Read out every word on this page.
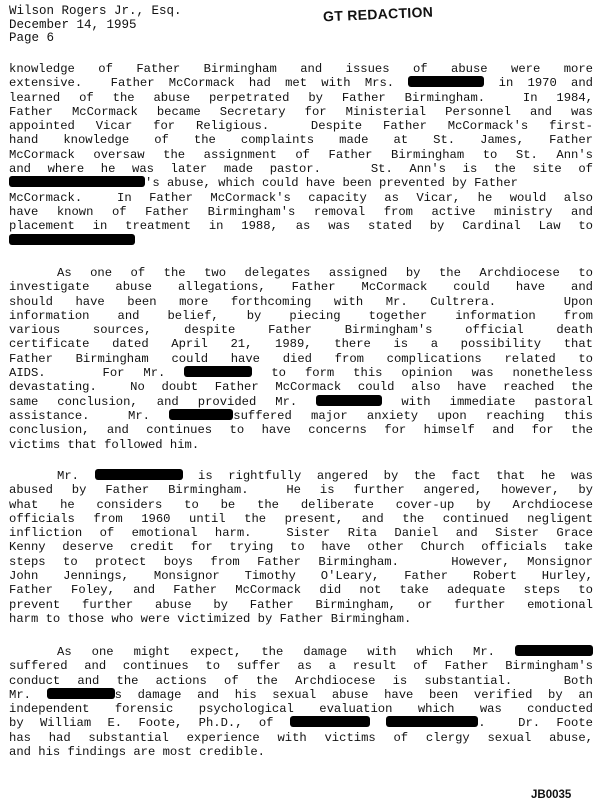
Wilson Rogers Jr., Esq.
December 14, 1995
Page 6
GT REDACTION
knowledge of Father Birmingham and issues of abuse were more
extensive.  Father McCormack had met with Mrs.	in 1970 and
learned of the abuse perpetrated by Father Birmingham.  In 1984,
Father McCormack became Secretary for Ministerial Personnel and was
appointed Vicar for Religious.  Despite Father McCormack's first-
hand knowledge of the complaints made at St. James, Father
McCormack oversaw the assignment of Father Birmingham to St. Ann's
and where he was later made pastor.   St. Ann's is the site of
's abuse, which could have been prevented by Father
McCormack.  In Father McCormack's capacity as Vicar, he would also
have known of Father Birmingham's removal from active ministry and
placement in treatment in 1988, as was stated by Cardinal Law to
As one of the two delegates assigned by the Archdiocese to
investigate abuse allegations, Father McCormack could have and
should have been more forthcoming with Mr. Cultrera.   Upon
information and belief, by piecing together information from
various sources, despite Father Birmingham's official death
certificate dated April 21, 1989, there is a possibility that
Father Birmingham could have died from complications related to
AIDS.   For Mr.	to form this opinion was nonetheless
devastating.  No doubt Father McCormack could also have reached the
same conclusion, and provided Mr.	with immediate pastoral
assistance.  Mr.	suffered major anxiety upon reaching this
conclusion, and continues to have concerns for himself and for the
victims that followed him.
Mr.	is rightfully angered by the fact that he was
abused by Father Birmingham.  He is further angered, however, by
what he considers to be the deliberate cover-up by Archdiocese
officials from 1960 until the present, and the continued negligent
infliction of emotional harm.  Sister Rita Daniel and Sister Grace
Kenny deserve credit for trying to have other Church officials take
steps to protect boys from Father Birmingham.   However, Monsignor
John Jennings, Monsignor Timothy O'Leary, Father Robert Hurley,
Father Foley, and Father McCormack did not take adequate steps to
prevent further abuse by Father Birmingham, or further emotional
harm to those who were victimized by Father Birmingham.
As one might expect, the damage with which Mr.
suffered and continues to suffer as a result of Father Birmingham's
conduct and the actions of the Archdiocese is substantial.   Both
Mr.	s damage and his sexual abuse have been verified by an
independent forensic psychological evaluation which was conducted
by William E. Foote, Ph.D., of	.  Dr. Foote
has had substantial experience with victims of clergy sexual abuse,
and his findings are most credible.
JB0035
